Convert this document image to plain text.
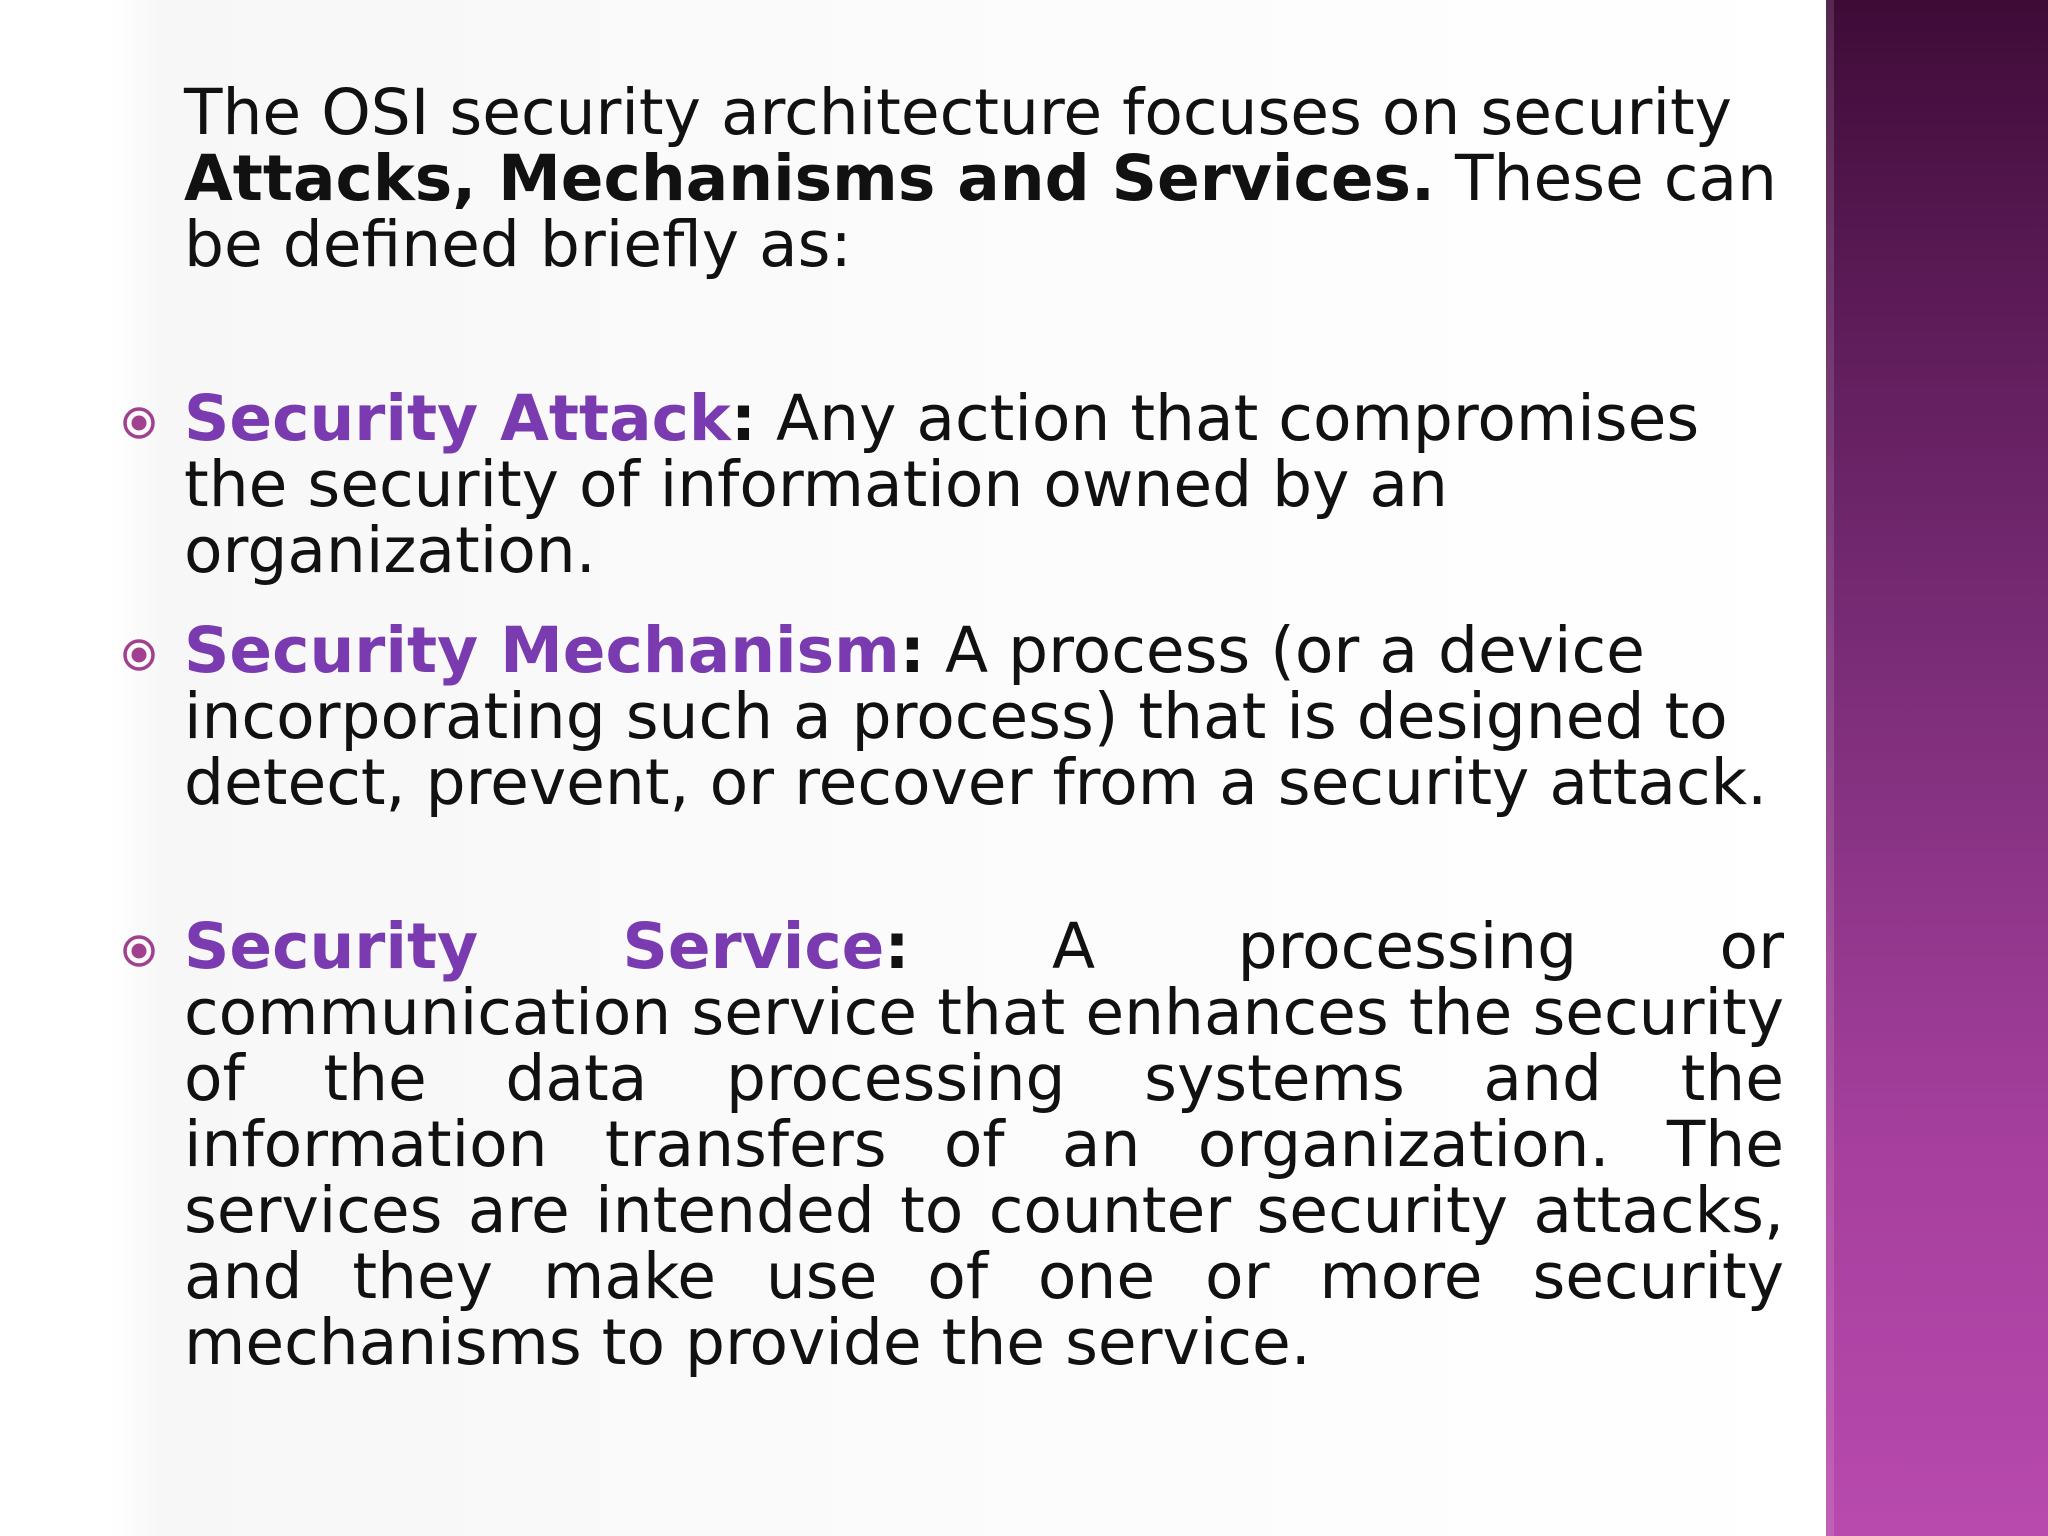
The OSI security architecture focuses on security Attacks, Mechanisms and Services. These can be defined briefly as:

Security Attack: Any action that compromises the security of information owned by an organization.

Security Mechanism: A process (or a device incorporating such a process) that is designed to detect, prevent, or recover from a security attack.

Security Service: A processing or communication service that enhances the security of the data processing systems and the information transfers of an organization. The services are intended to counter security attacks, and they make use of one or more security mechanisms to provide the service.
